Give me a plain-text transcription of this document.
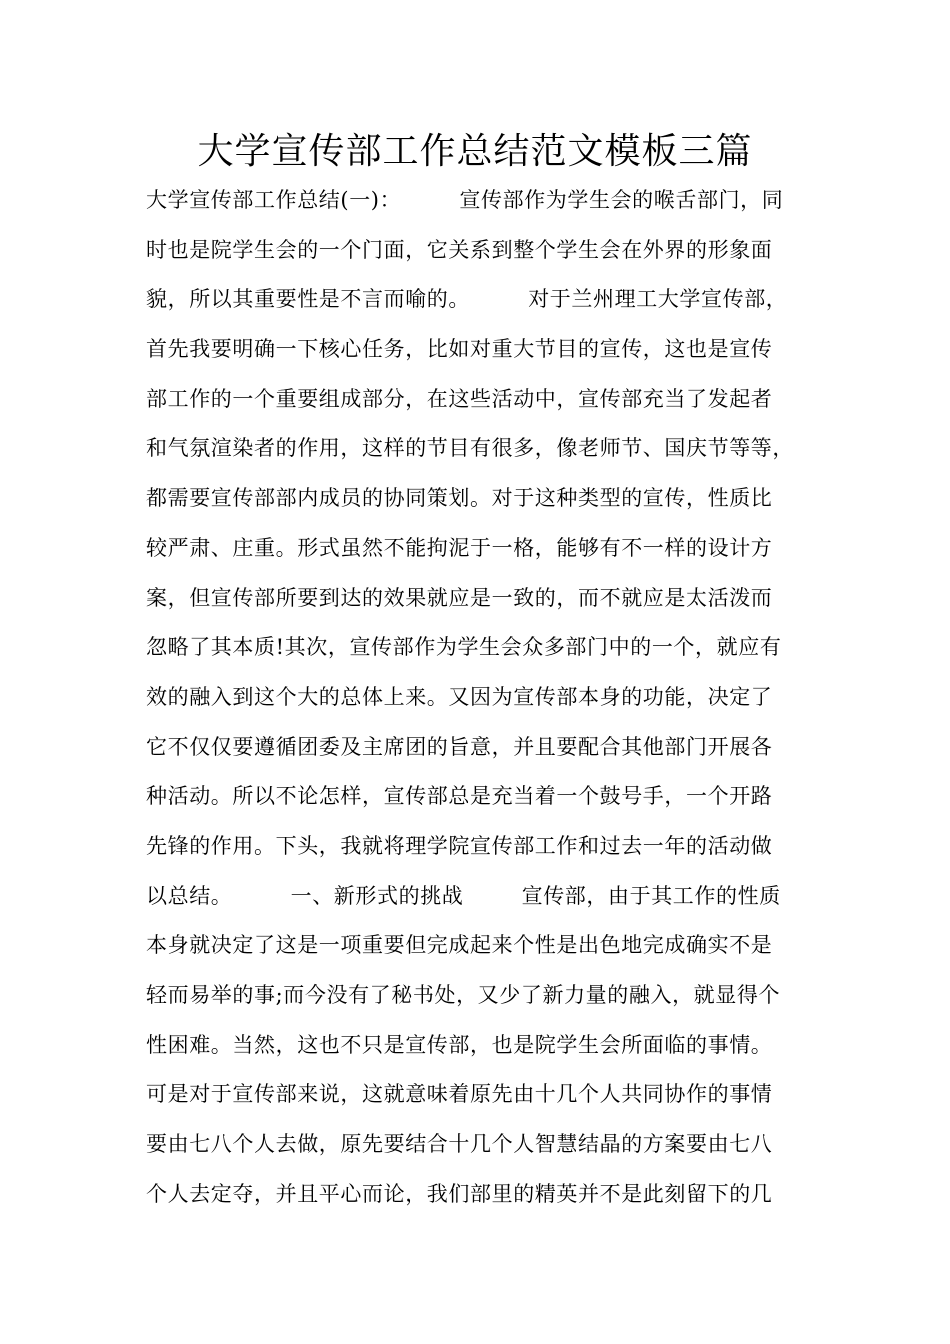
大学宣传部工作总结范文模板三篇
大学宣传部工作总结(一)：        宣传部作为学生会的喉舌部门，同
时也是院学生会的一个门面，它关系到整个学生会在外界的形象面
貌，所以其重要性是不言而喻的。        对于兰州理工大学宣传部，
首先我要明确一下核心任务，比如对重大节目的宣传，这也是宣传
部工作的一个重要组成部分，在这些活动中，宣传部充当了发起者
和气氛渲染者的作用，这样的节目有很多，像老师节、国庆节等等，
都需要宣传部部内成员的协同策划。对于这种类型的宣传，性质比
较严肃、庄重。形式虽然不能拘泥于一格，能够有不一样的设计方
案，但宣传部所要到达的效果就应是一致的，而不就应是太活泼而
忽略了其本质!其次，宣传部作为学生会众多部门中的一个，就应有
效的融入到这个大的总体上来。又因为宣传部本身的功能，决定了
它不仅仅要遵循团委及主席团的旨意，并且要配合其他部门开展各
种活动。所以不论怎样，宣传部总是充当着一个鼓号手，一个开路
先锋的作用。下头，我就将理学院宣传部工作和过去一年的活动做
以总结。        一、新形式的挑战        宣传部，由于其工作的性质
本身就决定了这是一项重要但完成起来个性是出色地完成确实不是
轻而易举的事;而今没有了秘书处，又少了新力量的融入，就显得个
性困难。当然，这也不只是宣传部，也是院学生会所面临的事情。
可是对于宣传部来说，这就意味着原先由十几个人共同协作的事情
要由七八个人去做，原先要结合十几个人智慧结晶的方案要由七八
个人去定夺，并且平心而论，我们部里的精英并不是此刻留下的几
